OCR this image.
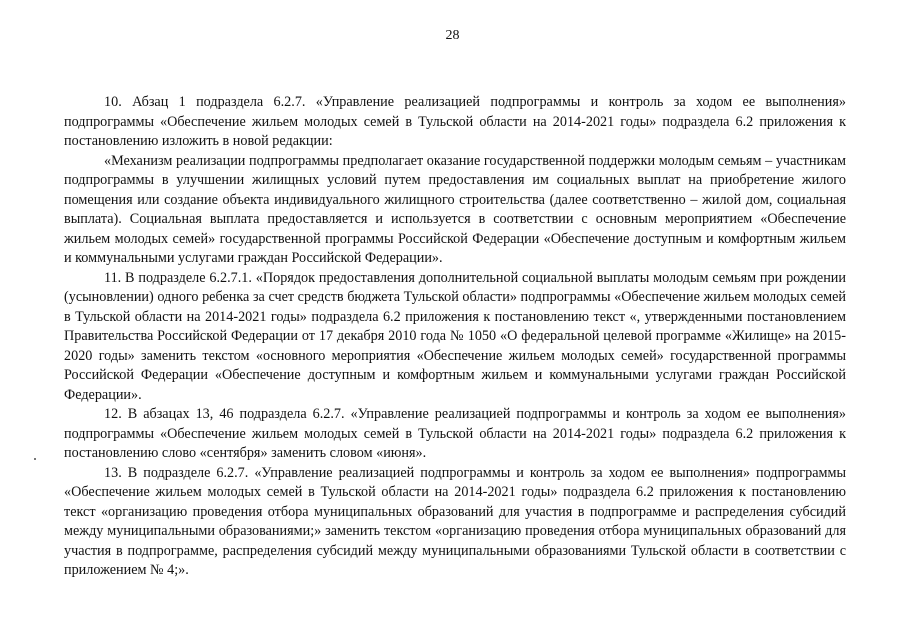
28

10. Абзац 1 подраздела 6.2.7. «Управление реализацией подпрограммы и контроль за ходом ее выполнения» подпрограммы «Обеспечение жильем молодых семей в Тульской области на 2014-2021 годы» подраздела 6.2 приложения к постановлению изложить в новой редакции:

«Механизм реализации подпрограммы предполагает оказание государственной поддержки молодым семьям – участникам подпрограммы в улучшении жилищных условий путем предоставления им социальных выплат на приобретение жилого помещения или создание объекта индивидуального жилищного строительства (далее соответственно – жилой дом, социальная выплата). Социальная выплата предоставляется и используется в соответствии с основным мероприятием «Обеспечение жильем молодых семей» государственной программы Российской Федерации «Обеспечение доступным и комфортным жильем и коммунальными услугами граждан Российской Федерации».

11. В подразделе 6.2.7.1. «Порядок предоставления дополнительной социальной выплаты молодым семьям при рождении (усыновлении) одного ребенка за счет средств бюджета Тульской области» подпрограммы «Обеспечение жильем молодых семей в Тульской области на 2014-2021 годы» подраздела 6.2 приложения к постановлению текст «, утвержденными постановлением Правительства Российской Федерации от 17 декабря 2010 года № 1050 «О федеральной целевой программе «Жилище» на 2015-2020 годы» заменить текстом «основного мероприятия «Обеспечение жильем молодых семей» государственной программы Российской Федерации «Обеспечение доступным и комфортным жильем и коммунальными услугами граждан Российской Федерации».

12. В абзацах 13, 46 подраздела 6.2.7. «Управление реализацией подпрограммы и контроль за ходом ее выполнения» подпрограммы «Обеспечение жильем молодых семей в Тульской области на 2014-2021 годы» подраздела 6.2 приложения к постановлению слово «сентября» заменить словом «июня».

13. В подразделе 6.2.7. «Управление реализацией подпрограммы и контроль за ходом ее выполнения» подпрограммы «Обеспечение жильем молодых семей в Тульской области на 2014-2021 годы» подраздела 6.2 приложения к постановлению текст «организацию проведения отбора муниципальных образований для участия в подпрограмме и распределения субсидий между муниципальными образованиями;» заменить текстом «организацию проведения отбора муниципальных образований для участия в подпрограмме, распределения субсидий между муниципальными образованиями Тульской области в соответствии с приложением № 4;».
